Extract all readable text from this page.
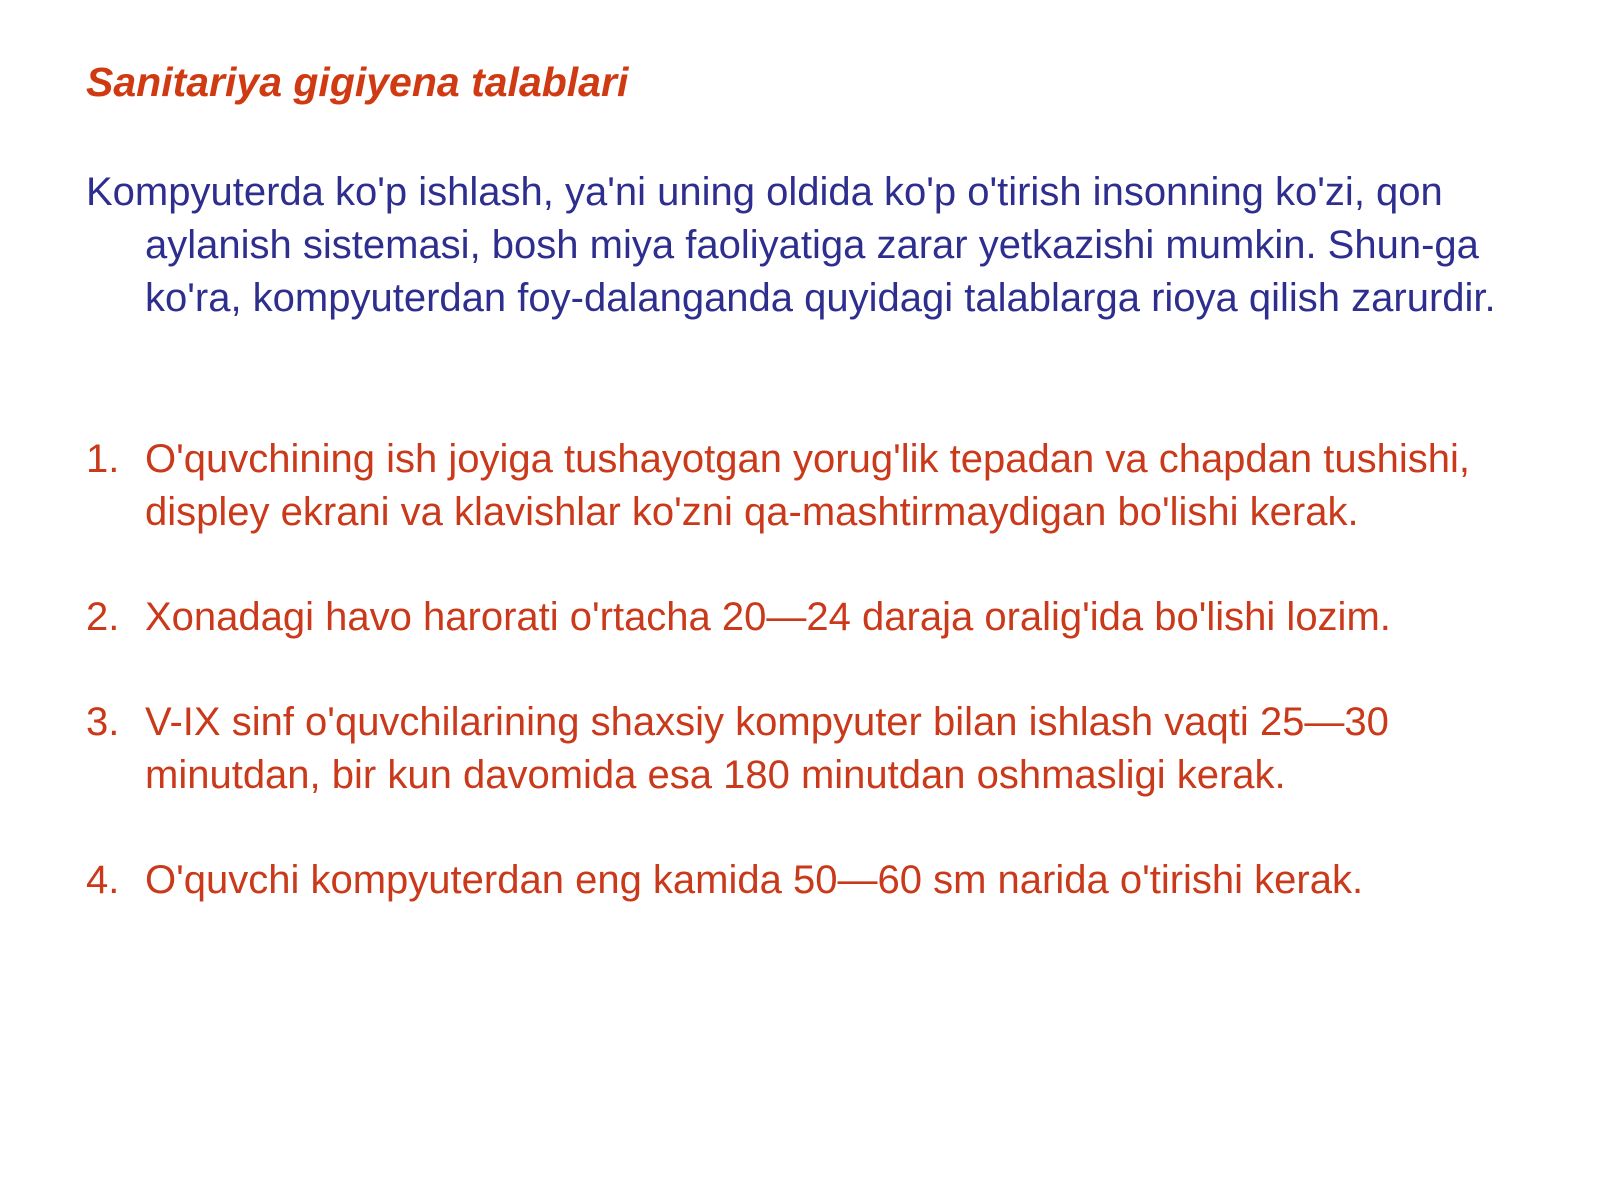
Sanitariya gigiyena talablari

Kompyuterda ko'p ishlash, ya'ni uning oldida ko'p o'tirish insonning ko'zi, qon aylanish sistemasi, bosh miya faoliyatiga zarar yetkazishi mumkin. Shun-ga ko'ra, kompyuterdan foy-dalanganda quyidagi talablarga rioya qilish zarurdir.

1. O'quvchining ish joyiga tushayotgan yorug'lik tepadan va chapdan tushishi, displey ekrani va klavishlar ko'zni qa-mashtirmaydigan bo'lishi kerak.
2. Xonadagi havo harorati o'rtacha 20—24 daraja oralig'ida bo'lishi lozim.
3. V-IX sinf o'quvchilarining shaxsiy kompyuter bilan ishlash vaqti 25—30 minutdan, bir kun davomida esa 180 minutdan oshmasligi kerak.
4. O'quvchi kompyuterdan eng kamida 50—60 sm narida o'tirishi kerak.
